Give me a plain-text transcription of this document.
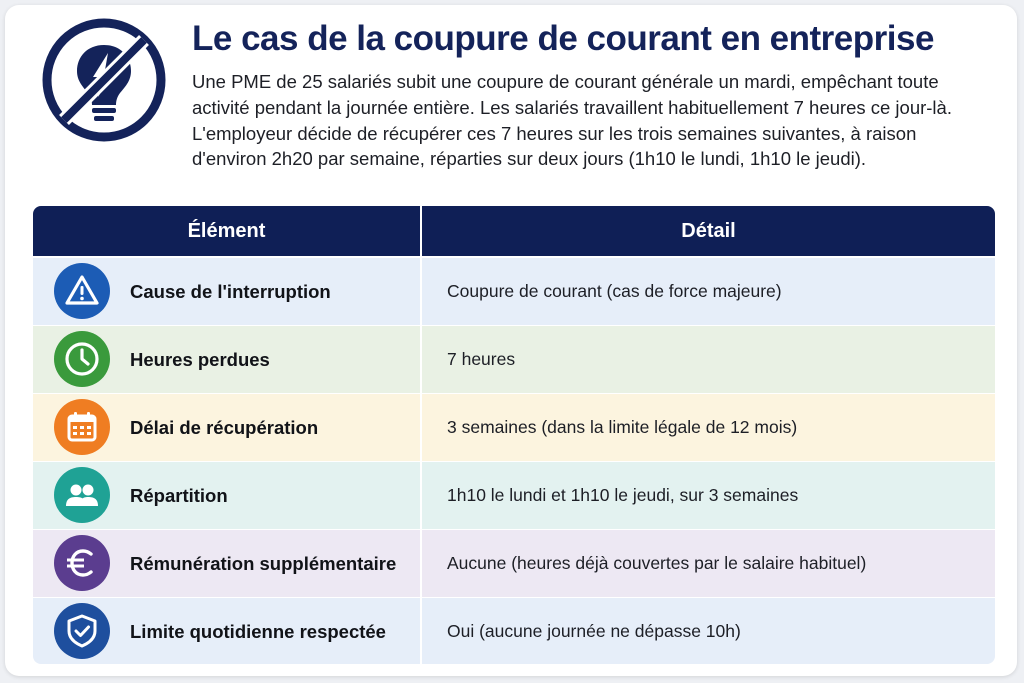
Le cas de la coupure de courant en entreprise

Une PME de 25 salariés subit une coupure de courant générale un mardi, empêchant toute activité pendant la journée entière. Les salariés travaillent habituellement 7 heures ce jour-là. L'employeur décide de récupérer ces 7 heures sur les trois semaines suivantes, à raison d'environ 2h20 par semaine, réparties sur deux jours (1h10 le lundi, 1h10 le jeudi).

Élément	Détail
Cause de l'interruption	Coupure de courant (cas de force majeure)
Heures perdues	7 heures
Délai de récupération	3 semaines (dans la limite légale de 12 mois)
Répartition	1h10 le lundi et 1h10 le jeudi, sur 3 semaines
Rémunération supplémentaire	Aucune (heures déjà couvertes par le salaire habituel)
Limite quotidienne respectée	Oui (aucune journée ne dépasse 10h)
